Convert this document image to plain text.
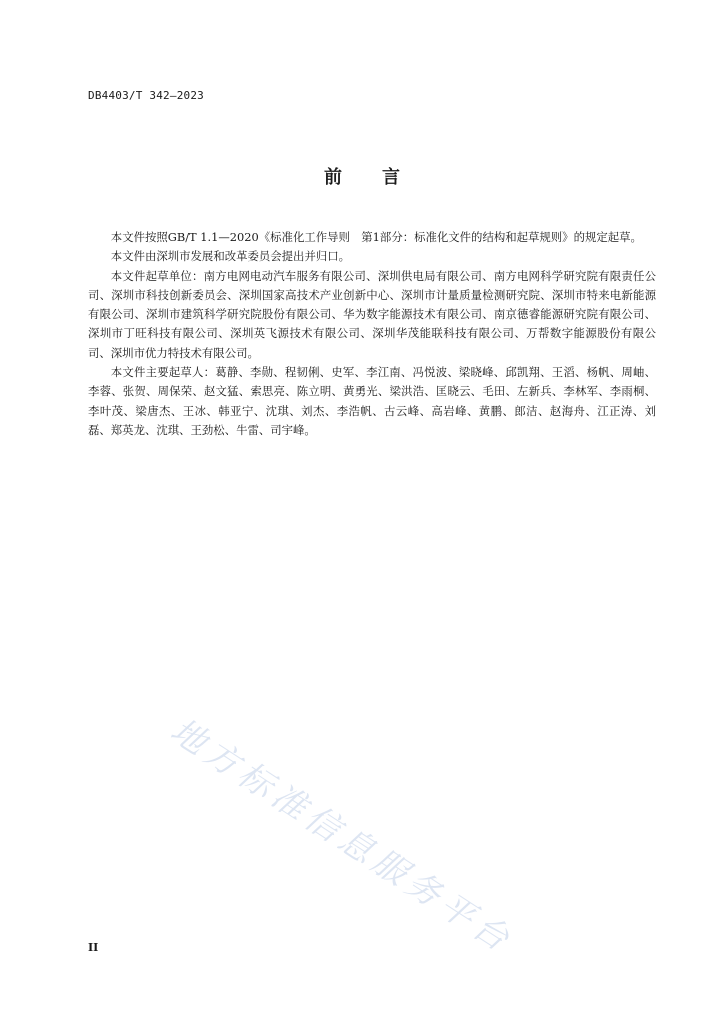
DB4403/T 342—2023
前言

本文件按照GB/T 1.1—2020《标准化工作导则　第1部分：标准化文件的结构和起草规则》的规定起草。

本文件由深圳市发展和改革委员会提出并归口。

本文件起草单位：南方电网电动汽车服务有限公司、深圳供电局有限公司、南方电网科学研究院有限责任公司、深圳市科技创新委员会、深圳国家高技术产业创新中心、深圳市计量质量检测研究院、深圳市特来电新能源有限公司、深圳市建筑科学研究院股份有限公司、华为数字能源技术有限公司、南京德睿能源研究院有限公司、深圳市丁旺科技有限公司、深圳英飞源技术有限公司、深圳华茂能联科技有限公司、万帮数字能源股份有限公司、深圳市优力特技术有限公司。

本文件主要起草人：葛静、李勋、程韧俐、史军、李江南、冯悦波、梁晓峰、邱凯翔、王滔、杨帆、周岫、李蓉、张贺、周保荣、赵文猛、索思亮、陈立明、黄勇光、梁洪浩、匡晓云、毛田、左新兵、李林军、李雨桐、李叶茂、梁唐杰、王冰、韩亚宁、沈琪、刘杰、李浩帆、古云峰、高岩峰、黄鹏、郎洁、赵海舟、江正涛、刘磊、郑英龙、沈琪、王劲松、牛雷、司宇峰。

地方标准信息服务平台
II
